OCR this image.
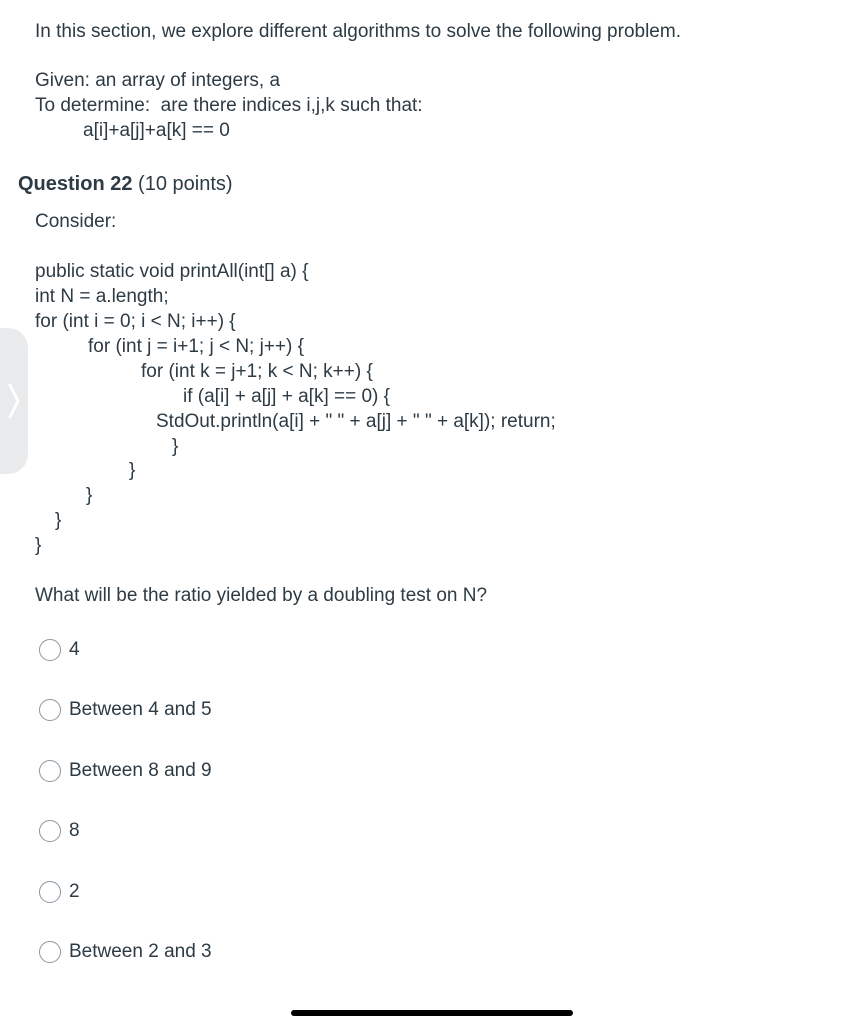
In this section, we explore different algorithms to solve the following problem.
Given: an array of integers, a
To determine:  are there indices i,j,k such that:
a[i]+a[j]+a[k] == 0
Question 22 (10 points)
Consider:
public static void printAll(int[] a) {
int N = a.length;
for (int i = 0; i < N; i++) {
for (int j = i+1; j < N; j++) {
for (int k = j+1; k < N; k++) {
if (a[i] + a[j] + a[k] == 0) {
StdOut.println(a[i] + " " + a[j] + " " + a[k]); return;
}
}
}
}
}
What will be the ratio yielded by a doubling test on N?
4
Between 4 and 5
Between 8 and 9
8
2
Between 2 and 3
